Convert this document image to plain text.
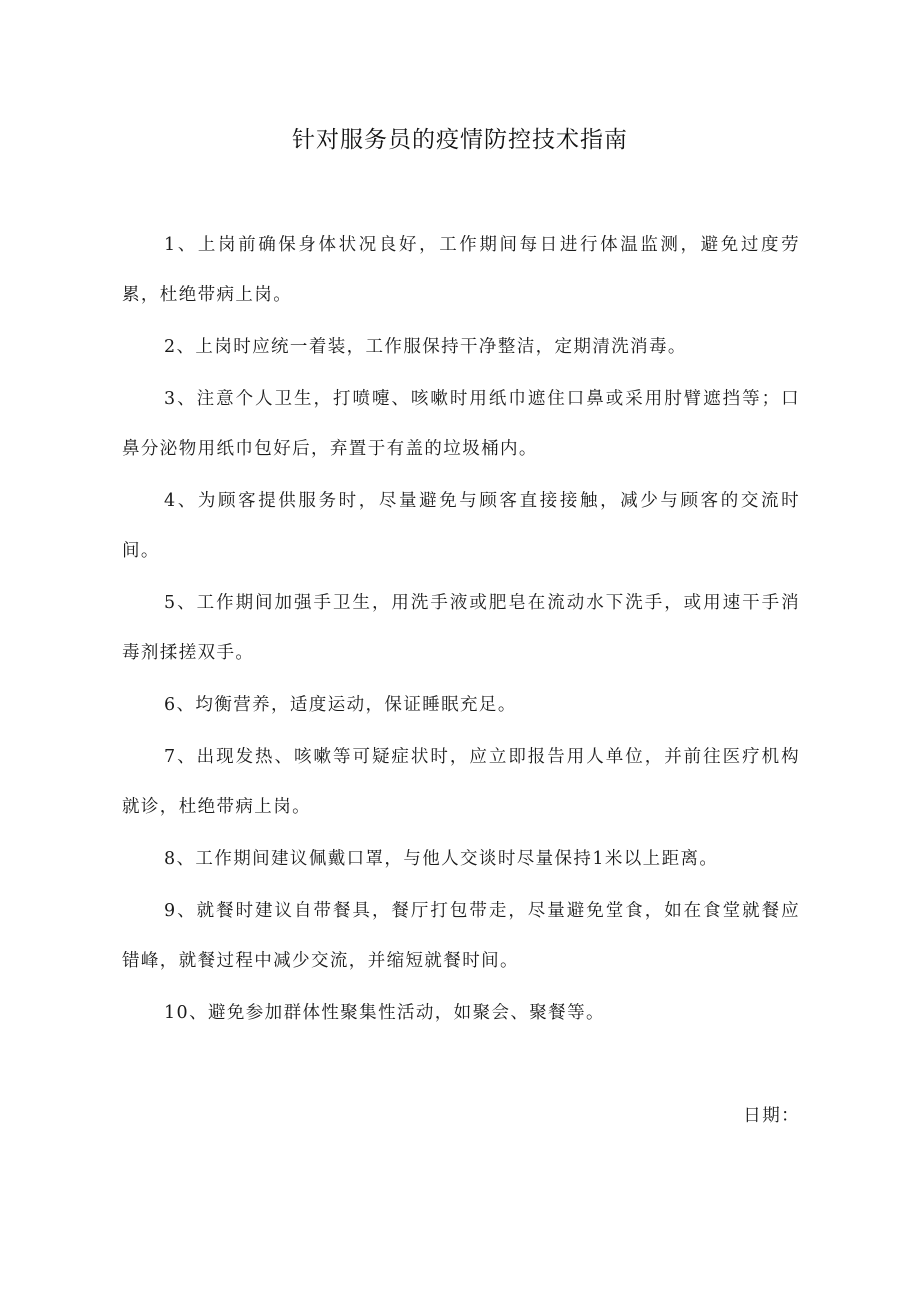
针对服务员的疫情防控技术指南

1、上岗前确保身体状况良好，工作期间每日进行体温监测，避免过度劳累，杜绝带病上岗。

2、上岗时应统一着装，工作服保持干净整洁，定期清洗消毒。

3、注意个人卫生，打喷嚏、咳嗽时用纸巾遮住口鼻或采用肘臂遮挡等；口鼻分泌物用纸巾包好后，弃置于有盖的垃圾桶内。

4、为顾客提供服务时，尽量避免与顾客直接接触，减少与顾客的交流时间。

5、工作期间加强手卫生，用洗手液或肥皂在流动水下洗手，或用速干手消毒剂揉搓双手。

6、均衡营养，适度运动，保证睡眠充足。

7、出现发热、咳嗽等可疑症状时，应立即报告用人单位，并前往医疗机构就诊，杜绝带病上岗。

8、工作期间建议佩戴口罩，与他人交谈时尽量保持1米以上距离。

9、就餐时建议自带餐具，餐厅打包带走，尽量避免堂食，如在食堂就餐应错峰，就餐过程中减少交流，并缩短就餐时间。

10、避免参加群体性聚集性活动，如聚会、聚餐等。

日期：
